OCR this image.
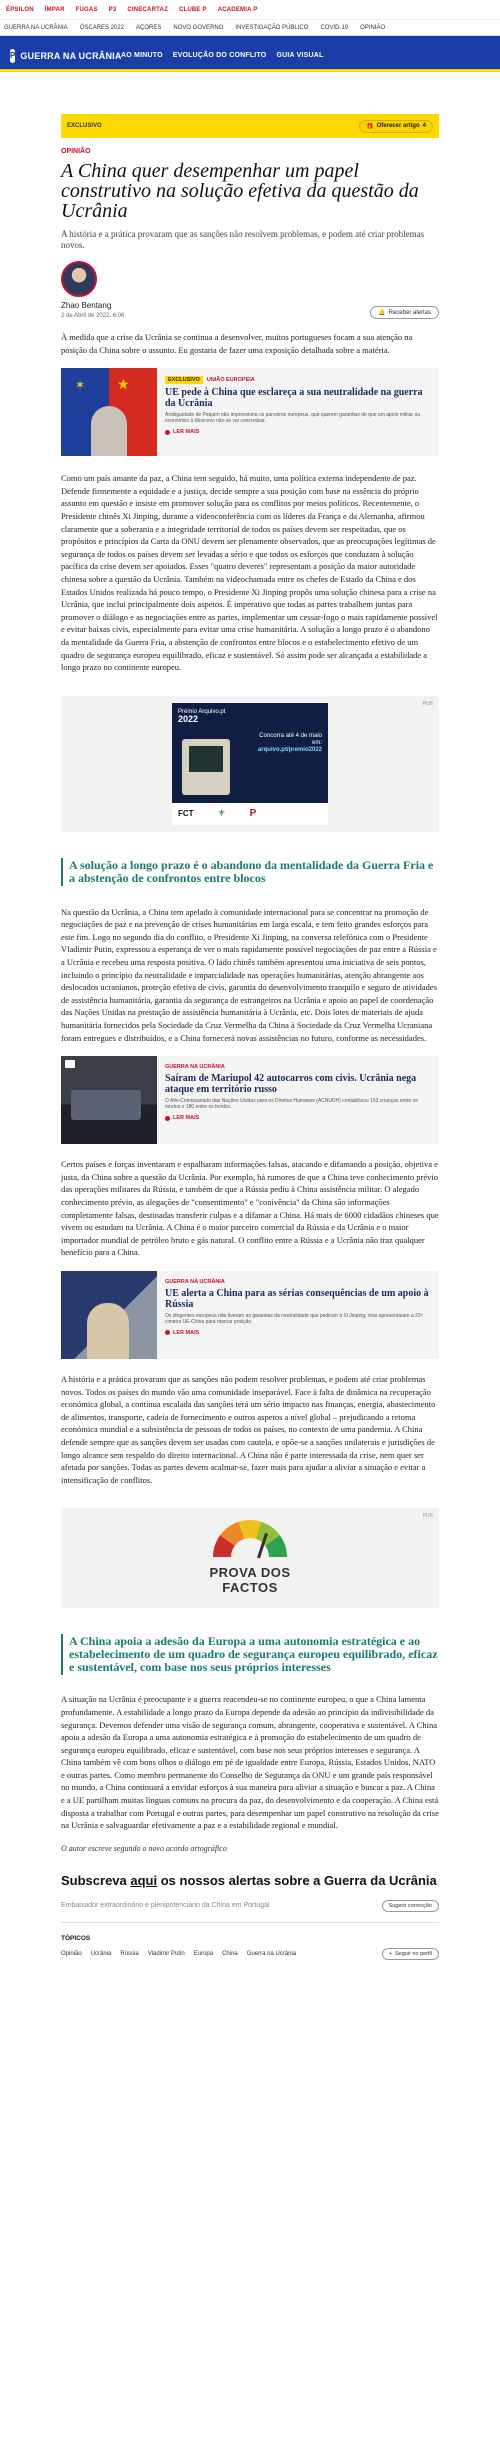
ÉPSILON ÍMPAR FUGAS P3 CINECARTAZ CLUBE P ACADEMIA P
GUERRA NA UCRÂNIA ÓSCARES 2022 AÇORES NOVO GOVERNO INVESTIGAÇÃO PÚBLICO COVID-19 OPINIÃO
P GUERRA NA UCRÂNIA AO MINUTO EVOLUÇÃO DO CONFLITO GUIA VISUAL
EXCLUSIVO	🎁 Oferecer artigo 4
OPINIÃO
A China quer desempenhar um papel construtivo na solução efetiva da questão da Ucrânia

A história e a prática provaram que as sanções não resolvem problemas, e podem até criar problemas novos.

Zhao Bentang
2 de Abril de 2022, 6:06	🔔 Receber alertas

À medida que a crise da Ucrânia se continua a desenvolver, muitos portugueses focam a sua atenção na posição da China sobre o assunto. Eu gostaria de fazer uma exposição detalhada sobre a matéria.

✶ ★	EXCLUSIVO	UNIÃO EUROPEIA
UE pede à China que esclareça a sua neutralidade na guerra da Ucrânia
Ambiguidade de Pequim não impressiona os parceiros europeus, que querem garantias de que um apoio militar ou económico à Moscovo não se vai concretizar.
LER MAIS

Como um país amante da paz, a China tem seguido, há muito, uma política externa independente de paz. Defende firmemente a equidade e a justiça, decide sempre a sua posição com base na essência do próprio assunto em questão e insiste em promover solução para os conflitos por meios políticos. Recentemente, o Presidente chinês Xi Jinping, durante a videoconferência com os líderes da França e da Alemanha, afirmou claramente que a soberania e a integridade territorial de todos os países devem ser respeitadas, que os propósitos e princípios da Carta da ONU devem ser plenamente observados, que as preocupações legítimas de segurança de todos os países devem ser levadas a sério e que todos os esforços que conduzam à solução pacífica da crise devem ser apoiados. Esses "quatro deveres" representam a posição da maior autoridade chinesa sobre a questão da Ucrânia. Também na videochamada entre os chefes de Estado da China e dos Estados Unidos realizada há pouco tempo, o Presidente Xi Jinping propôs uma solução chinesa para a crise na Ucrânia, que inclui principalmente dois aspetos. É imperativo que todas as partes trabalhem juntas para promover o diálogo e as negociações entre as partes, implementar um cessar-fogo o mais rapidamente possível e evitar baixas civis, especialmente para evitar uma crise humanitária. A solução a longo prazo é o abandono da mentalidade da Guerra Fria, a abstenção de confrontos entre blocos e o estabelecimento efetivo de um quadro de segurança europeu equilibrado, eficaz e sustentável. Só assim pode ser alcançada a estabilidade a longo prazo no continente europeu.

PUB
Prémio Arquivo.pt
2022
Concorra até 4 de maio em:
arquivo.pt/premio2022
FCT	⚜ P
A solução a longo prazo é o abandono da mentalidade da Guerra Fria e a abstenção de confrontos entre blocos

Na questão da Ucrânia, a China tem apelado à comunidade internacional para se concentrar na promoção de negociações de paz e na prevenção de crises humanitárias em larga escala, e tem feito grandes esforços para este fim. Logo no segundo dia do conflito, o Presidente Xi Jinping, na conversa telefónica com o Presidente Vladimir Putin, expressou a esperança de ver o mais rapidamente possível negociações de paz entre a Rússia e a Ucrânia e recebeu uma resposta positiva. O lado chinês também apresentou uma iniciativa de seis pontos, incluindo o princípio da neutralidade e imparcialidade nas operações humanitárias, atenção abrangente aos deslocados ucranianos, proteção efetiva de civis, garantia do desenvolvimento tranquilo e seguro de atividades de assistência humanitária, garantia da segurança de estrangeiros na Ucrânia e apoio ao papel de coordenação das Nações Unidas na prestação de assistência humanitária à Ucrânia, etc. Dois lotes de materiais de ajuda humanitária fornecidos pela Sociedade da Cruz Vermelha da China à Sociedade da Cruz Vermelha Ucraniana foram entregues e distribuídos, e a China fornecerá novas assistências no futuro, conforme as necessidades.

GUERRA NA UCRÂNIA
Saíram de Mariupol 42 autocarros com civis. Ucrânia nega ataque em território russo
O Alto-Comissariado das Nações Unidas para os Direitos Humanos (ACNUDH) contabilizou 153 crianças entre os mortos e 180 entre os feridos.
LER MAIS

Certos países e forças inventaram e espalharam informações falsas, atacando e difamando a posição, objetiva e justa, da China sobre a questão da Ucrânia. Por exemplo, há rumores de que a China teve conhecimento prévio das operações militares da Rússia, e também de que a Rússia pediu à China assistência militar. O alegado conhecimento prévio, as alegações de "consentimento" e "conivência" da China são informações completamente falsas, destinadas transferir culpas e a difamar a China. Há mais de 6000 cidadãos chineses que vivem ou estudam na Ucrânia. A China é o maior parceiro comercial da Rússia e da Ucrânia e o maior importador mundial de petróleo bruto e gás natural. O conflito entre a Rússia e a Ucrânia não traz qualquer benefício para a China.

GUERRA NA UCRÂNIA
UE alerta a China para as sérias consequências de um apoio à Rússia
Os dirigentes europeus não tiveram as garantias da neutralidade que pediram à Xi Jinping, mas apresentaram a 23ª cimeira UE-China para marcar posição.
LER MAIS

A história e a prática provaram que as sanções não podem resolver problemas, e podem até criar problemas novos. Todos os países do mundo vão uma comunidade inseparável. Face à falta de dinâmica na recuperação económica global, a contínua escalada das sanções terá um sério impacto nas finanças, energia, abastecimento de alimentos, transporte, cadeia de fornecimento e outros aspetos a nível global – prejudicando a retoma económica mundial e a subsistência de pessoas de todos os países, no contexto de uma pandemia. A China defende sempre que as sanções devem ser usadas com cautela, e opõe-se a sanções unilaterais e jurisdições de longo alcance sem respaldo do direito internacional. A China não é parte interessada da crise, nem quer ser afetada por sanções. Todas as partes devem acalmar-se, fazer mais para ajudar a aliviar a situação e evitar a intensificação de conflitos.

PUB
PROVA DOS FACTOS
A China apoia a adesão da Europa a uma autonomia estratégica e ao estabelecimento de um quadro de segurança europeu equilibrado, eficaz e sustentável, com base nos seus próprios interesses

A situação na Ucrânia é preocupante e a guerra reacendeu-se no continente europeu, o que a China lamenta profundamente. A estabilidade a longo prazo da Europa depende da adesão ao princípio da indivisibilidade da segurança. Devemos defender uma visão de segurança comum, abrangente, cooperativa e sustentável. A China apoia a adesão da Europa a uma autonomia estratégica e à promoção do estabelecimento de um quadro de segurança europeu equilibrado, eficaz e sustentável, com base nos seus próprios interesses e segurança. A China também vê com bons olhos o diálogo em pé de igualdade entre Europa, Rússia, Estados Unidos, NATO e outras partes. Como membro permanente do Conselho de Segurança da ONU e um grande país responsável no mundo, a China continuará a envidar esforços à sua maneira para aliviar a situação e buscar a paz. A China e a UE partilham muitas línguas comuns na procura da paz, do desenvolvimento e da cooperação. A China está disposta a trabalhar com Portugal e outras partes, para desempenhar um papel construtivo na resolução da crise na Ucrânia e salvaguardar efetivamente a paz e a estabilidade regional e mundial.

O autor escreve segundo o novo acordo ortográfico

Subscreva aqui os nossos alertas sobre a Guerra da Ucrânia
Embaixador extraordinário e plenipotenciário da China em Portugal	Sugerir correcção
TÓPICOS
Opinião Ucrânia Rússia Vladimir Putin Europa China Guerra na Ucrânia	+ Seguir no perfil
